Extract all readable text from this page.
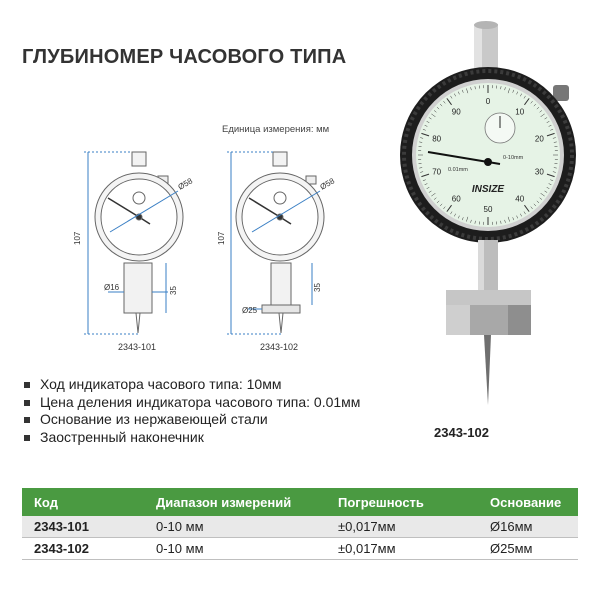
ГЛУБИНОМЕР ЧАСОВОГО ТИПА
Единица измерения: мм
107
Ø58
Ø16	35
107
Ø58
Ø25
35
INSIZE
0.01mm
0-10mm
0
10
20
30
40
50
60
70
80
90
2343-101	2343-102
Ход индикатора часового типа: 10мм
Цена деления индикатора часового типа: 0.01мм
Основание из нержавеющей стали
Заостренный наконечник	2343-102
Код	Диапазон измерений	Погрешность	Основание
2343-101	0-10 мм	±0,017мм	Ø16мм
2343-102	0-10 мм	±0,017мм	Ø25мм
